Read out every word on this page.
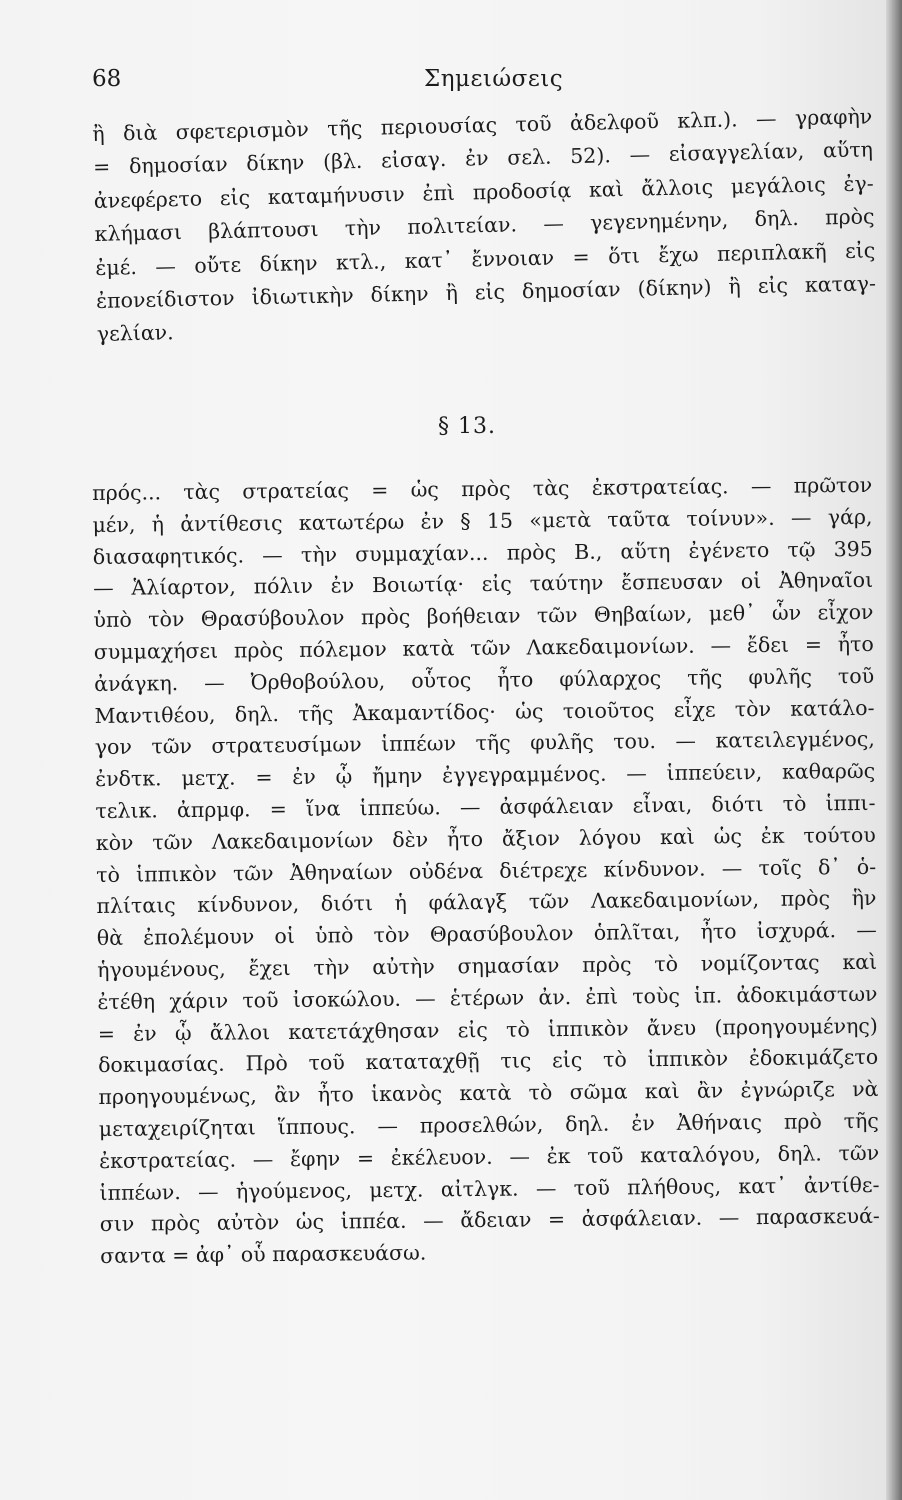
68	Σημειώσεις
ἢ διὰ σφετερισμὸν τῆς περιουσίας τοῦ ἀδελφοῦ κλπ.). — γραφὴν
= δημοσίαν δίκην (βλ. εἰσαγ. ἐν σελ. 52). — εἰσαγγελίαν, αὕτη
ἀνεφέρετο εἰς καταμήνυσιν ἐπὶ προδοσίᾳ καὶ ἄλλοις μεγάλοις ἐγ-
κλήμασι βλάπτουσι τὴν πολιτείαν. — γεγενημένην, δηλ. πρὸς
ἐμέ. — οὔτε δίκην κτλ., κατ᾽ ἔννοιαν = ὅτι ἔχω περιπλακῆ εἰς
ἐπονείδιστον ἰδιωτικὴν δίκην ἢ εἰς δημοσίαν (δίκην) ἢ εἰς καταγ-
γελίαν.
§ 13.
πρός... τὰς στρατείας = ὡς πρὸς τὰς ἐκστρατείας. — πρῶτον
μέν, ἡ ἀντίθεσις κατωτέρω ἐν § 15 «μετὰ ταῦτα τοίνυν». — γάρ,
διασαφητικός. — τὴν συμμαχίαν... πρὸς Β., αὕτη ἐγένετο τῷ 395
— Ἁλίαρτον, πόλιν ἐν Βοιωτίᾳ· εἰς ταύτην ἔσπευσαν οἱ Ἀθηναῖοι
ὑπὸ τὸν Θρασύβουλον πρὸς βοήθειαν τῶν Θηβαίων, μεθ᾽ ὧν εἶχον
συμμαχήσει πρὸς πόλεμον κατὰ τῶν Λακεδαιμονίων. — ἔδει = ἦτο
ἀνάγκη. — Ὀρθοβούλου, οὗτος ἦτο φύλαρχος τῆς φυλῆς τοῦ
Μαντιθέου, δηλ. τῆς Ἀκαμαντίδος· ὡς τοιοῦτος εἶχε τὸν κατάλο-
γον τῶν στρατευσίμων ἱππέων τῆς φυλῆς του. — κατειλεγμένος,
ἐνδτκ. μετχ. = ἐν ᾧ ἤμην ἐγγεγραμμένος. — ἱππεύειν, καθαρῶς
τελικ. ἀπρμφ. = ἵνα ἱππεύω. — ἀσφάλειαν εἶναι, διότι τὸ ἱππι-
κὸν τῶν Λακεδαιμονίων δὲν ἦτο ἄξιον λόγου καὶ ὡς ἐκ τούτου
τὸ ἱππικὸν τῶν Ἀθηναίων οὐδένα διέτρεχε κίνδυνον. — τοῖς δ᾽ ὁ-
πλίταις κίνδυνον, διότι ἡ φάλαγξ τῶν Λακεδαιμονίων, πρὸς ἣν
θὰ ἐπολέμουν οἱ ὑπὸ τὸν Θρασύβουλον ὁπλῖται, ἦτο ἰσχυρά. —
ἡγουμένους, ἔχει τὴν αὐτὴν σημασίαν πρὸς τὸ νομίζοντας καὶ
ἐτέθη χάριν τοῦ ἰσοκώλου. — ἑτέρων ἀν. ἐπὶ τοὺς ἱπ. ἀδοκιμάστων
= ἐν ᾧ ἄλλοι κατετάχθησαν εἰς τὸ ἱππικὸν ἄνευ (προηγουμένης)
δοκιμασίας. Πρὸ τοῦ καταταχθῇ τις εἰς τὸ ἱππικὸν ἐδοκιμάζετο
προηγουμένως, ἂν ἦτο ἱκανὸς κατὰ τὸ σῶμα καὶ ἂν ἐγνώριζε νὰ
μεταχειρίζηται ἵππους. — προσελθών, δηλ. ἐν Ἀθήναις πρὸ τῆς
ἐκστρατείας. — ἔφην = ἐκέλευον. — ἐκ τοῦ καταλόγου, δηλ. τῶν
ἱππέων. — ἡγούμενος, μετχ. αἰτλγκ. — τοῦ πλήθους, κατ᾽ ἀντίθε-
σιν πρὸς αὐτὸν ὡς ἱππέα. — ἄδειαν = ἀσφάλειαν. — παρασκευά-
σαντα = ἀφ᾽ οὗ παρασκευάσω.
